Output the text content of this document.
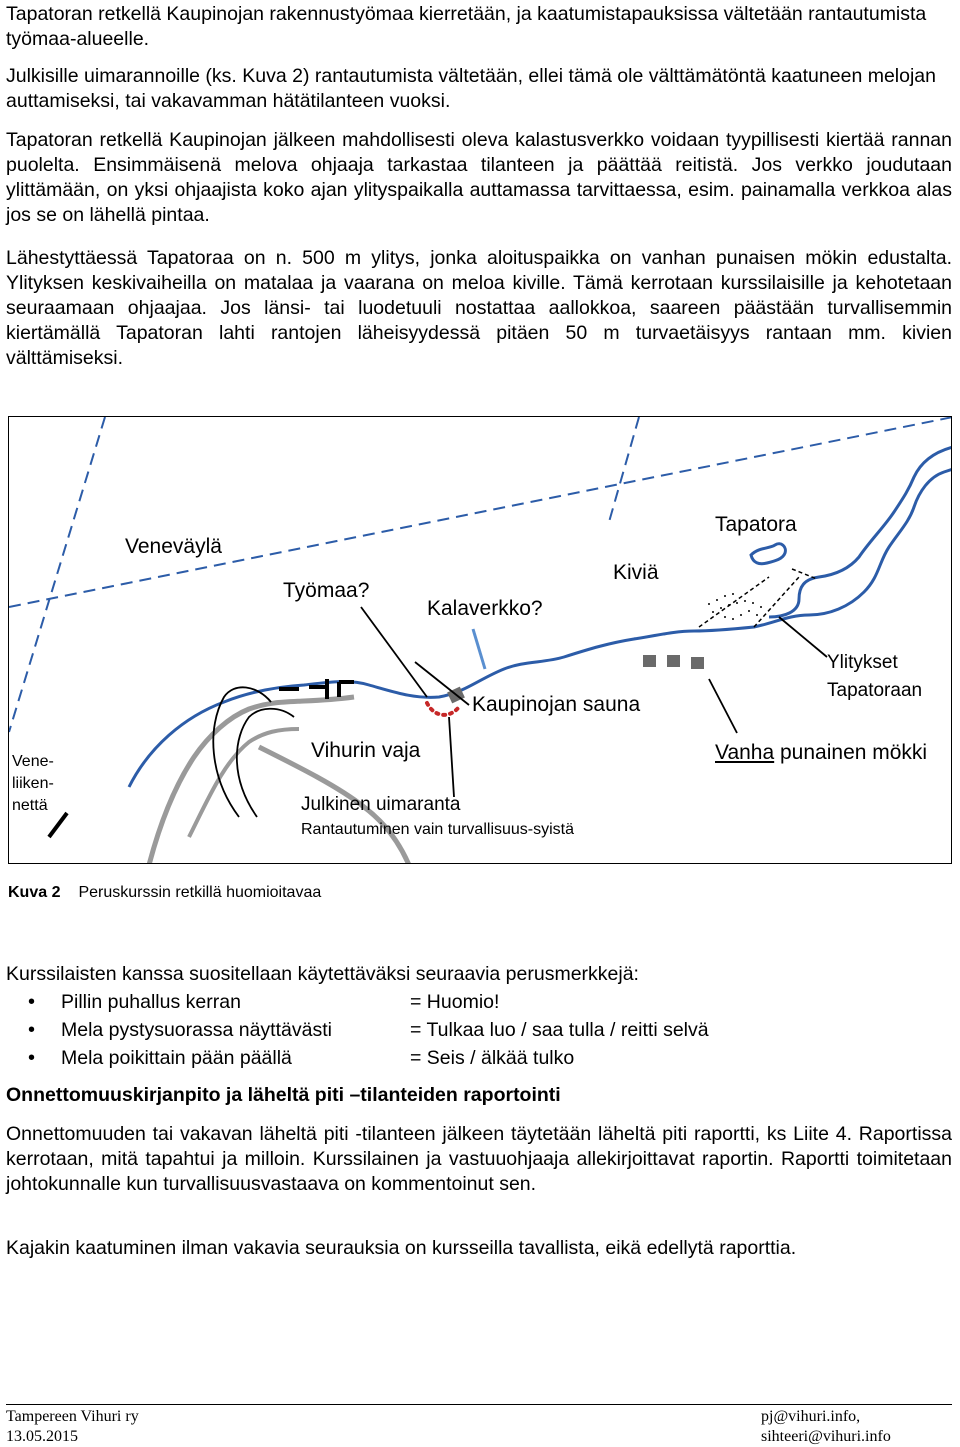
Tapatoran retkellä Kaupinojan rakennustyömaa kierretään, ja kaatumistapauksissa vältetään rantautumista työmaa-alueelle.
Julkisille uimarannoille (ks. Kuva 2) rantautumista vältetään, ellei tämä ole välttämätöntä kaatuneen melojan auttamiseksi, tai vakavamman hätätilanteen vuoksi.
Tapatoran retkellä Kaupinojan jälkeen mahdollisesti oleva kalastusverkko voidaan tyypillisesti kiertää rannan puolelta. Ensimmäisenä melova ohjaaja tarkastaa tilanteen ja päättää reitistä. Jos verkko joudutaan ylittämään, on yksi ohjaajista koko ajan ylityspaikalla auttamassa tarvittaessa, esim. painamalla verkkoa alas jos se on lähellä pintaa.
Lähestyttäessä Tapatoraa on n. 500 m ylitys, jonka aloituspaikka on vanhan punaisen mökin edustalta. Ylityksen keskivaiheilla on matalaa ja vaarana on meloa kiville. Tämä kerrotaan kurssilaisille ja kehotetaan seuraamaan ohjaajaa. Jos länsi- tai luodetuuli nostattaa aallokkoa, saareen päästään turvallisemmin kiertämällä Tapatoran lahti rantojen läheisyydessä pitäen 50 m turvaetäisyys rantaan mm. kivien välttämiseksi.
Veneväylä
Työmaa?
Kalaverkko?
Kiviä
Tapatora
Ylitykset
Tapatoraan
Kaupinojan sauna
Vihurin vaja	Vanha punainen mökki
Julkinen uimaranta
Rantautuminen vain turvallisuus-syistä
Vene-
liiken-
nettä
Kuva 2 Peruskurssin retkillä huomioitavaa
Kurssilaisten kanssa suositellaan käytettäväksi seuraavia perusmerkkejä:
• Pillin puhallus kerran	= Huomio!
• Mela pystysuorassa näyttävästi	= Tulkaa luo / saa tulla / reitti selvä
• Mela poikittain pään päällä	= Seis / älkää tulko
Onnettomuuskirjanpito ja läheltä piti –tilanteiden raportointi
Onnettomuuden tai vakavan läheltä piti -tilanteen jälkeen täytetään läheltä piti raportti, ks Liite 4. Raportissa kerrotaan, mitä tapahtui ja milloin. Kurssilainen ja vastuuohjaaja allekirjoittavat raportin. Raportti toimitetaan johtokunnalle kun turvallisuusvastaava on kommentoinut sen.
Kajakin kaatuminen ilman vakavia seurauksia on kursseilla tavallista, eikä edellytä raporttia.
Tampereen Vihuri ry
13.05.2015
pj@vihuri.info,
sihteeri@vihuri.info
